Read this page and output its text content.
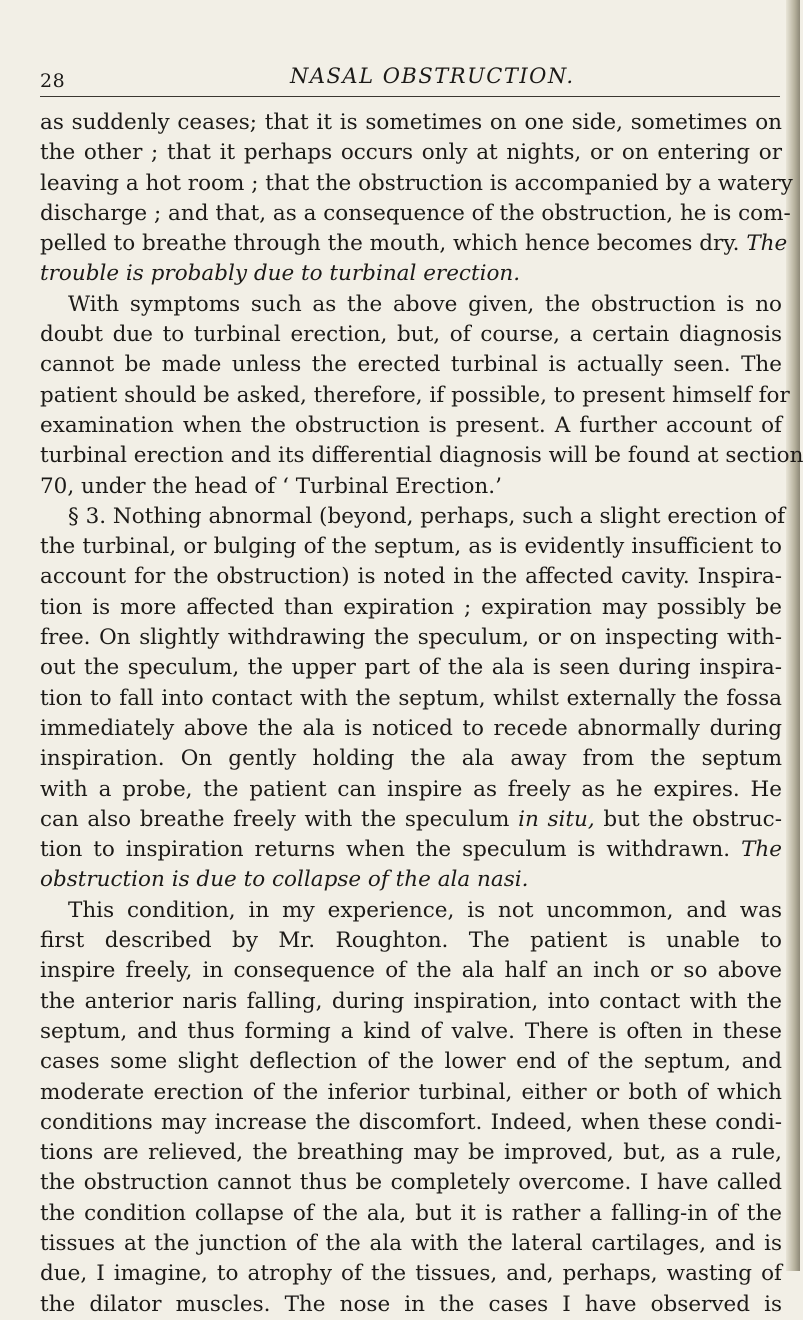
28	NASAL OBSTRUCTION.
as suddenly ceases; that it is sometimes on one side, sometimes on
the other ; that it perhaps occurs only at nights, or on entering or
leaving a hot room ; that the obstruction is accompanied by a watery
discharge ; and that, as a consequence of the obstruction, he is com-
pelled to breathe through the mouth, which hence becomes dry. The
trouble is probably due to turbinal erection.
With symptoms such as the above given, the obstruction is no
doubt due to turbinal erection, but, of course, a certain diagnosis
cannot be made unless the erected turbinal is actually seen. The
patient should be asked, therefore, if possible, to present himself for
examination when the obstruction is present. A further account of
turbinal erection and its differential diagnosis will be found at section
70, under the head of ‘ Turbinal Erection.’
§ 3. Nothing abnormal (beyond, perhaps, such a slight erection of
the turbinal, or bulging of the septum, as is evidently insufficient to
account for the obstruction) is noted in the affected cavity. Inspira-
tion is more affected than expiration ; expiration may possibly be
free. On slightly withdrawing the speculum, or on inspecting with-
out the speculum, the upper part of the ala is seen during inspira-
tion to fall into contact with the septum, whilst externally the fossa
immediately above the ala is noticed to recede abnormally during
inspiration. On gently holding the ala away from the septum
with a probe, the patient can inspire as freely as he expires. He
can also breathe freely with the speculum in situ, but the obstruc-
tion to inspiration returns when the speculum is withdrawn. The
obstruction is due to collapse of the ala nasi.
This condition, in my experience, is not uncommon, and was
first described by Mr. Roughton. The patient is unable to
inspire freely, in consequence of the ala half an inch or so above
the anterior naris falling, during inspiration, into contact with the
septum, and thus forming a kind of valve. There is often in these
cases some slight deflection of the lower end of the septum, and
moderate erection of the inferior turbinal, either or both of which
conditions may increase the discomfort. Indeed, when these condi-
tions are relieved, the breathing may be improved, but, as a rule,
the obstruction cannot thus be completely overcome. I have called
the condition collapse of the ala, but it is rather a falling-in of the
tissues at the junction of the ala with the lateral cartilages, and is
due, I imagine, to atrophy of the tissues, and, perhaps, wasting of
the dilator muscles. The nose in the cases I have observed is
